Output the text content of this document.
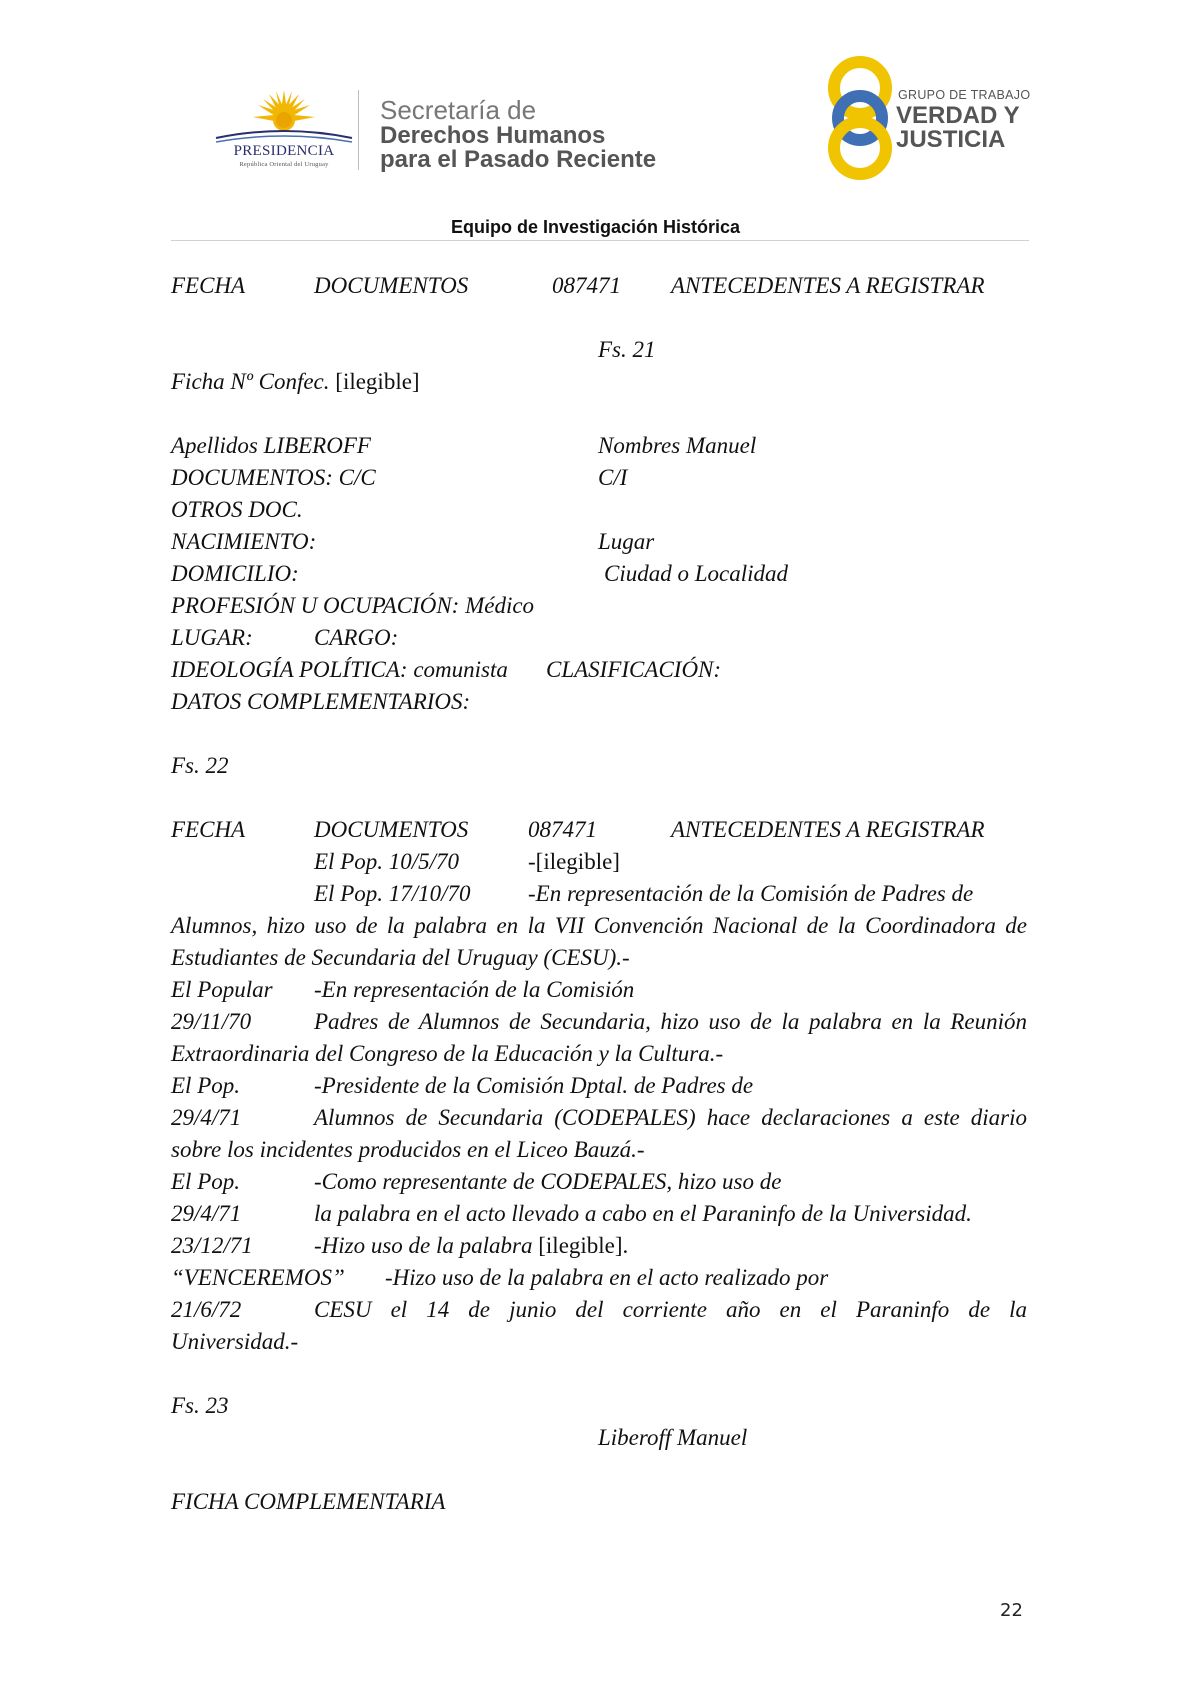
PRESIDENCIA
República Oriental del Uruguay
Secretaría de
Derechos Humanos
para el Pasado Reciente
GRUPO DE TRABAJO
VERDAD Y
JUSTICIA
Equipo de Investigación Histórica
FECHA	DOCUMENTOS	087471 ANTECEDENTES A REGISTRAR
Fs. 21
Ficha Nº Confec. [ilegible]
Apellidos LIBEROFF	Nombres Manuel
DOCUMENTOS: C/C	C/I
OTROS DOC.
NACIMIENTO:	Lugar
DOMICILIO:	Ciudad o Localidad
PROFESIÓN U OCUPACIÓN: Médico
LUGAR:	CARGO:
IDEOLOGÍA POLÍTICA: comunista CLASIFICACIÓN:
DATOS COMPLEMENTARIOS:
Fs. 22
FECHA	DOCUMENTOS	087471	ANTECEDENTES A REGISTRAR
El Pop. 10/5/70	-[ilegible]
El Pop. 17/10/70 -En representación de la Comisión de Padres de
Alumnos, hizo uso de la palabra en la VII Convención Nacional de la Coordinadora de
Estudiantes de Secundaria del Uruguay (CESU).-
El Popular -En representación de la Comisión
29/11/70	Padres de Alumnos de Secundaria, hizo uso de la palabra en la Reunión
Extraordinaria del Congreso de la Educación y la Cultura.-
El Pop.	-Presidente de la Comisión Dptal. de Padres de
29/4/71	Alumnos de Secundaria (CODEPALES) hace declaraciones a este diario
sobre los incidentes producidos en el Liceo Bauzá.-
El Pop.	-Como representante de CODEPALES, hizo uso de
29/4/71	la palabra en el acto llevado a cabo en el Paraninfo de la Universidad.
23/12/71	-Hizo uso de la palabra [ilegible].
“VENCEREMOS” -Hizo uso de la palabra en el acto realizado por
21/6/72	CESU el 14 de junio del corriente año en el Paraninfo de la
Universidad.-
Fs. 23
Liberoff Manuel
FICHA COMPLEMENTARIA
22
